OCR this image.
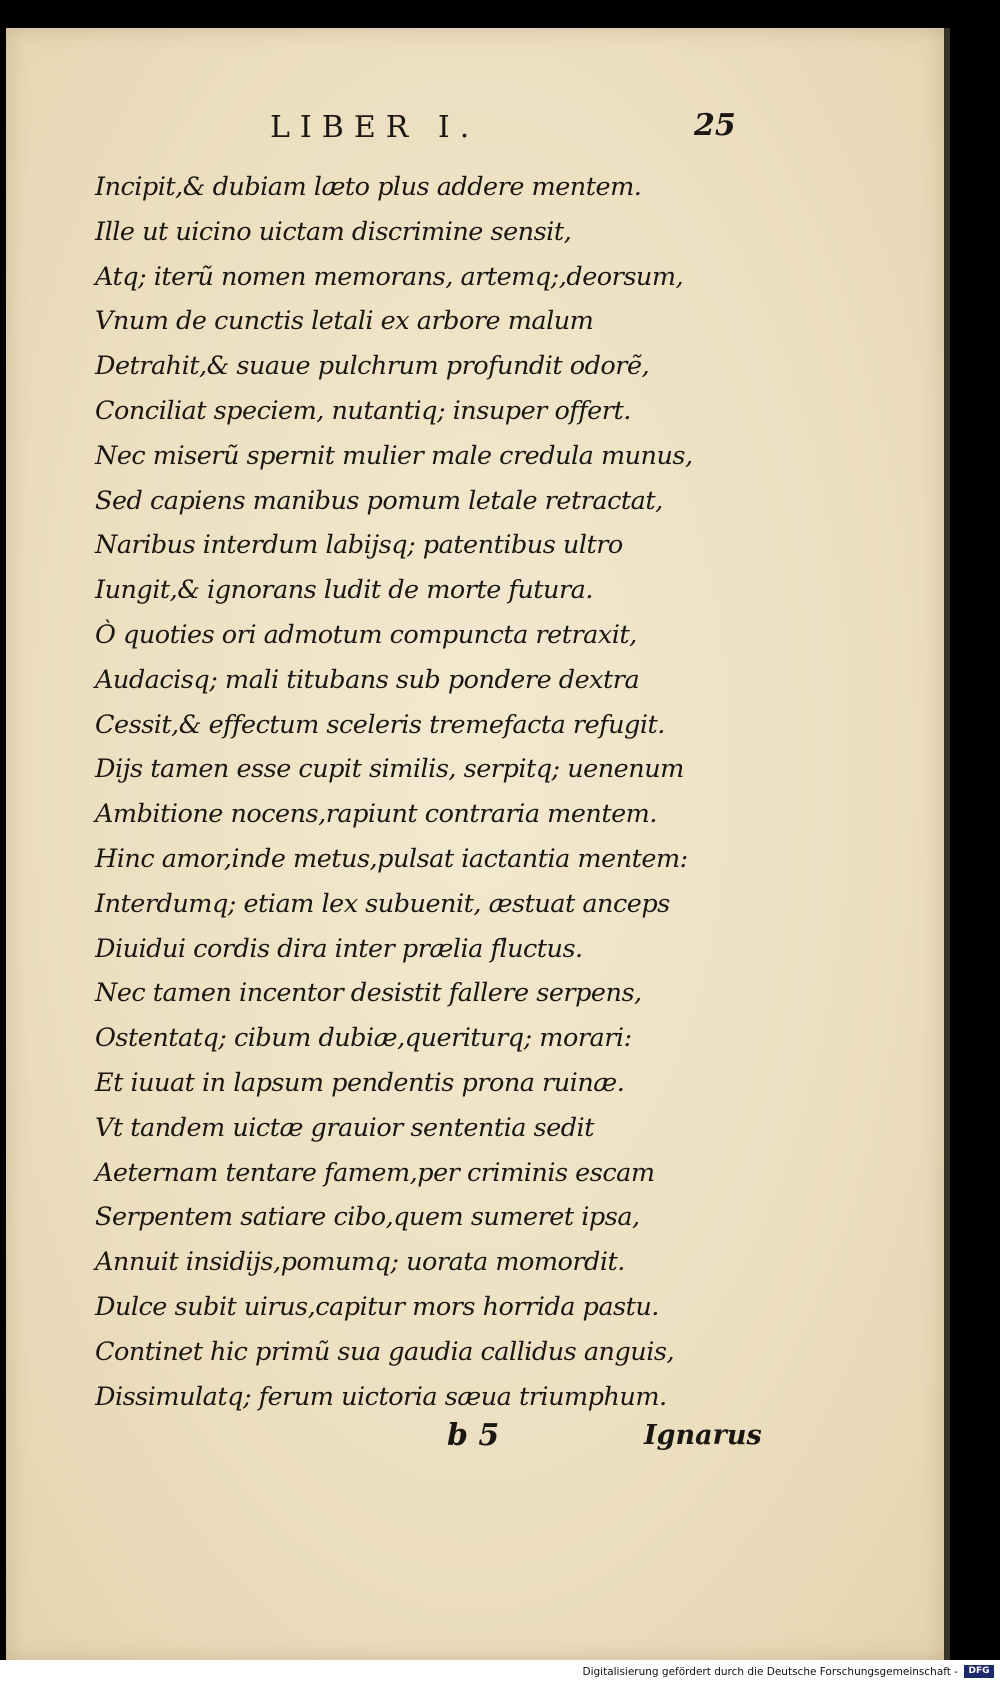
LIBER I.	25
Incipit,& dubiam læto plus addere mentem.
Ille ut uicino uictam discrimine sensit,
Atq; iterũ nomen memorans, artemq;,deorsum,
Vnum de cunctis letali ex arbore malum
Detrahit,& suaue pulchrum profundit odorẽ,
Conciliat speciem, nutantiq; insuper offert.
Nec miserũ spernit mulier male credula munus,
Sed capiens manibus pomum letale retractat,
Naribus interdum labijsq; patentibus ultro
Iungit,& ignorans ludit de morte futura.
Ò quoties ori admotum compuncta retraxit,
Audacisq; mali titubans sub pondere dextra
Cessit,& effectum sceleris tremefacta refugit.
Dijs tamen esse cupit similis, serpitq; uenenum
Ambitione nocens,rapiunt contraria mentem.
Hinc amor,inde metus,pulsat iactantia mentem:
Interdumq; etiam lex subuenit, æstuat anceps
Diuidui cordis dira inter prælia fluctus.
Nec tamen incentor desistit fallere serpens,
Ostentatq; cibum dubiæ,queriturq; morari:
Et iuuat in lapsum pendentis prona ruinæ.
Vt tandem uictæ grauior sententia sedit
Aeternam tentare famem,per criminis escam
Serpentem satiare cibo,quem sumeret ipsa,
Annuit insidijs,pomumq; uorata momordit.
Dulce subit uirus,capitur mors horrida pastu.
Continet hic primũ sua gaudia callidus anguis,
Dissimulatq; ferum uictoria sæua triumphum.
b 5	Ignarus
Digitalisierung gefördert durch die Deutsche Forschungsgemeinschaft -	DFG
